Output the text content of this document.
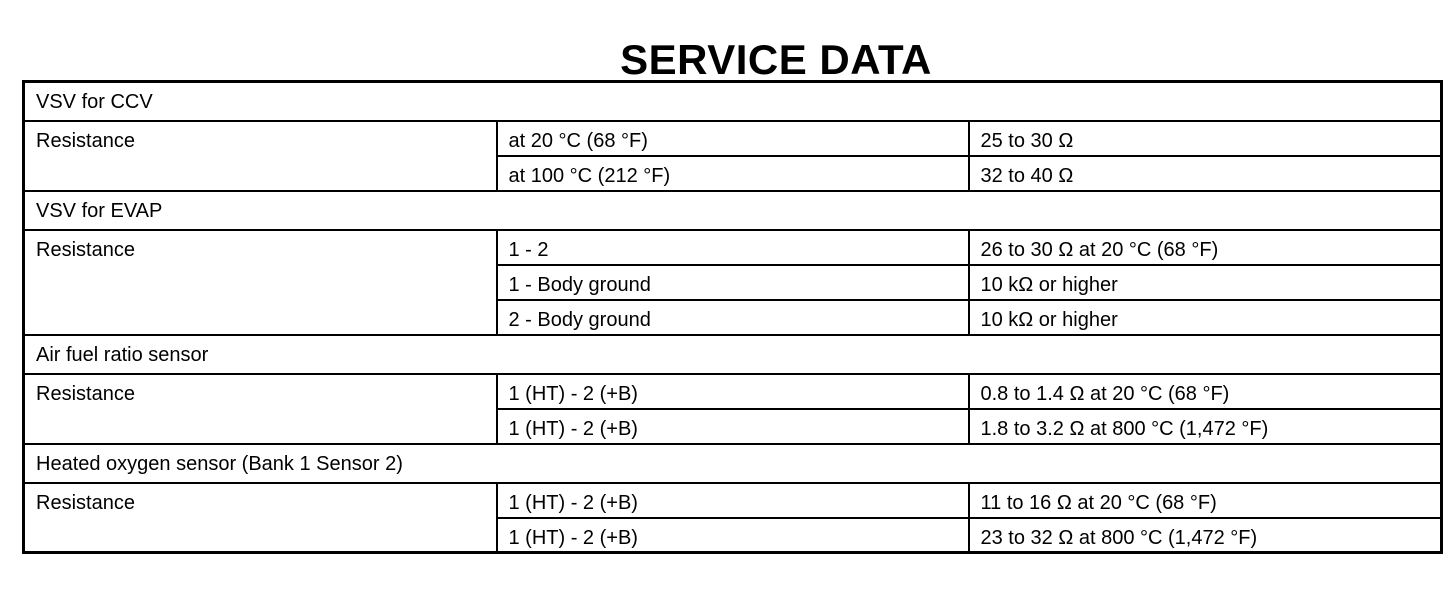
SERVICE DATA
VSV for CCV		
Resistance	at 20 °C (68 °F)	25 to 30 Ω
	at 100 °C (212 °F)	32 to 40 Ω
VSV for EVAP		
Resistance	1 - 2	26 to 30 Ω at 20 °C (68 °F)
	1 - Body ground	10 kΩ or higher
	2 - Body ground	10 kΩ or higher
Air fuel ratio sensor		
Resistance	1 (HT) - 2 (+B)	0.8 to 1.4 Ω at 20 °C (68 °F)
	1 (HT) - 2 (+B)	1.8 to 3.2 Ω at 800 °C (1,472 °F)
Heated oxygen sensor (Bank 1 Sensor 2)		
Resistance	1 (HT) - 2 (+B)	11 to 16 Ω at 20 °C (68 °F)
	1 (HT) - 2 (+B)	23 to 32 Ω at 800 °C (1,472 °F)
